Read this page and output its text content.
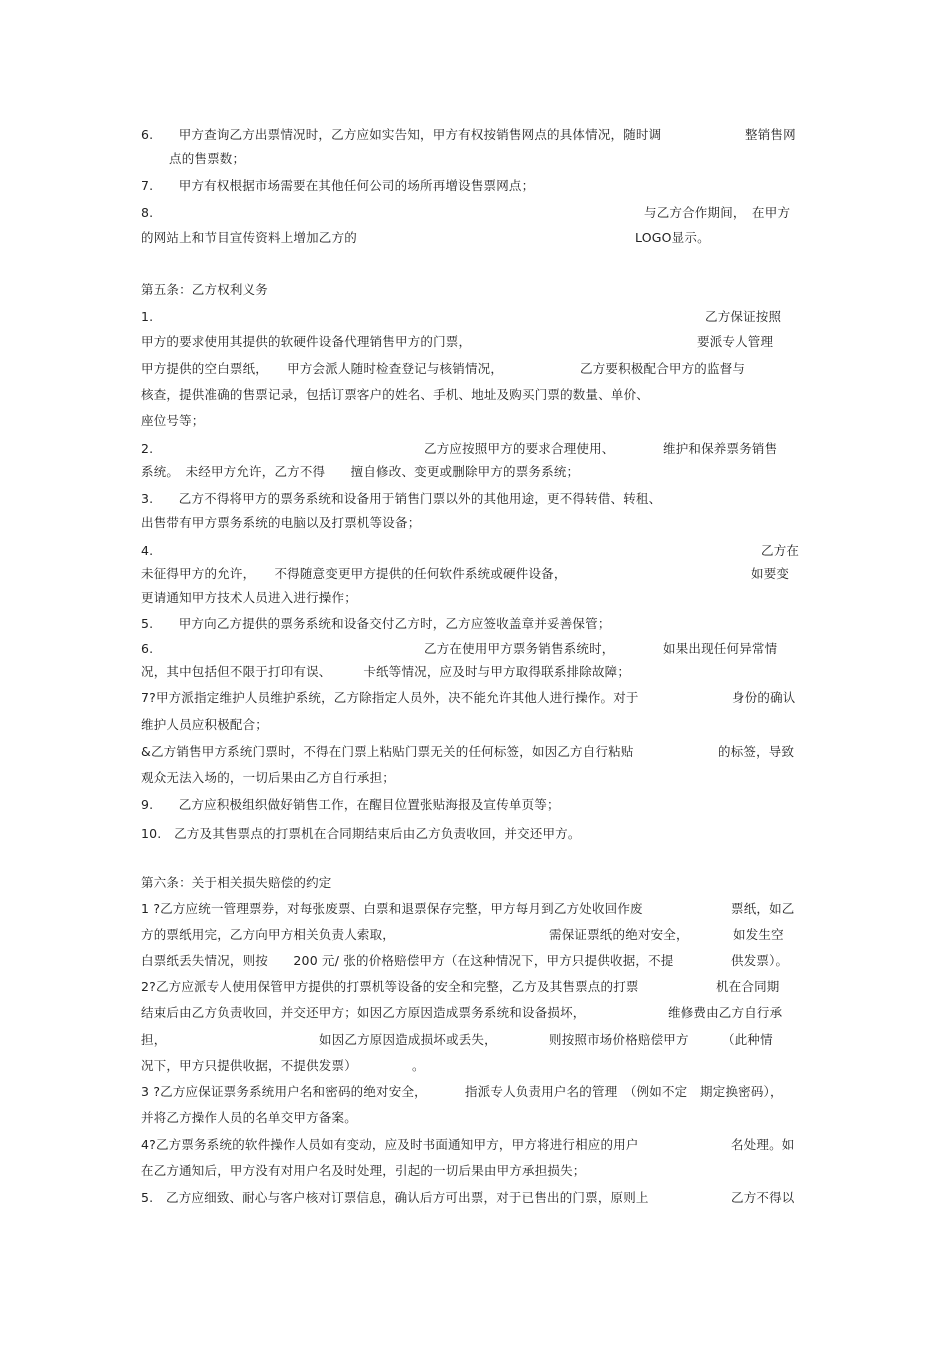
6.　　甲方查询乙方出票情况时，乙方应如实告知，甲方有权按销售网点的具体情况，随时调	整销售网
点的售票数；
7.　　甲方有权根据市场需要在其他任何公司的场所再增设售票网点；
8.	与乙方合作期间，　在甲方
的网站上和节目宣传资料上增加乙方的	LOGO显示。
第五条：乙方权利义务
1.	乙方保证按照
甲方的要求使用其提供的软硬件设备代理销售甲方的门票，	要派专人管理
甲方提供的空白票纸，　　甲方会派人随时检查登记与核销情况，	乙方要积极配合甲方的监督与
核查，提供准确的售票记录，包括订票客户的姓名、手机、地址及购买门票的数量、单价、
座位号等；
2.	乙方应按照甲方的要求合理使用、	维护和保养票务销售
系统。　未经甲方允许，乙方不得　　擅自修改、变更或删除甲方的票务系统；
3.　　乙方不得将甲方的票务系统和设备用于销售门票以外的其他用途，更不得转借、转租、
出售带有甲方票务系统的电脑以及打票机等设备；
4.	乙方在
未征得甲方的允许，　　不得随意变更甲方提供的任何软件系统或硬件设备，	如要变
更请通知甲方技术人员进入进行操作；
5.　　甲方向乙方提供的票务系统和设备交付乙方时，乙方应签收盖章并妥善保管；
6.	乙方在使用甲方票务销售系统时，	如果出现任何异常情
况，其中包括但不限于打印有误、　　　卡纸等情况，应及时与甲方取得联系排除故障；
7?甲方派指定维护人员维护系统，乙方除指定人员外，决不能允许其他人进行操作。对于	身份的确认
维护人员应积极配合；
&乙方销售甲方系统门票时，不得在门票上粘贴门票无关的任何标签，如因乙方自行粘贴	的标签，导致
观众无法入场的，一切后果由乙方自行承担；
9.　　乙方应积极组织做好销售工作，在醒目位置张贴海报及宣传单页等；
10.　乙方及其售票点的打票机在合同期结束后由乙方负责收回，并交还甲方。
第六条：关于相关损失赔偿的约定
1 ?乙方应统一管理票券，对每张废票、白票和退票保存完整，甲方每月到乙方处收回作废	票纸，如乙
方的票纸用完，乙方向甲方相关负责人索取，	需保证票纸的绝对安全，	如发生空
白票纸丢失情况，则按　　200 元/ 张的价格赔偿甲方（在这种情况下，甲方只提供收据，不提	供发票）。
2?乙方应派专人使用保管甲方提供的打票机等设备的安全和完整，乙方及其售票点的打票	机在合同期
结束后由乙方负责收回，并交还甲方；如因乙方原因造成票务系统和设备损坏，	维修费由乙方自行承
担，	如因乙方原因造成损坏或丢失，	则按照市场价格赔偿甲方	（此种情
况下，甲方只提供收据，不提供发票）	。
3 ?乙方应保证票务系统用户名和密码的绝对安全，	指派专人负责用户名的管理　（例如不定　期定换密码），
并将乙方操作人员的名单交甲方备案。
4?乙方票务系统的软件操作人员如有变动，应及时书面通知甲方，甲方将进行相应的用户	名处理。如
在乙方通知后，甲方没有对用户名及时处理，引起的一切后果由甲方承担损失；
5.　乙方应细致、耐心与客户核对订票信息，确认后方可出票，对于已售出的门票，原则上	乙方不得以
